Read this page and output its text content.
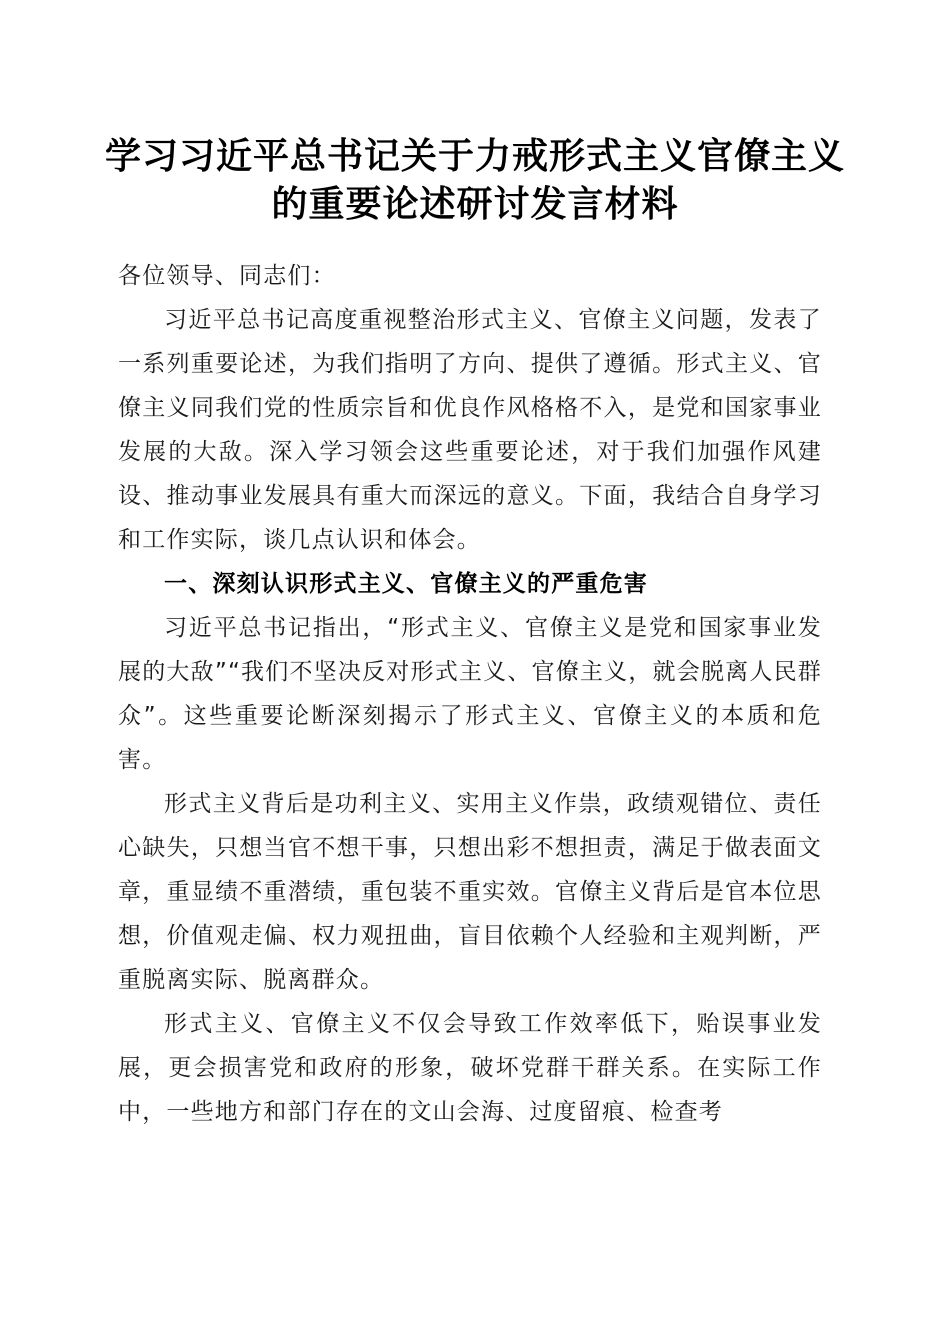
学习习近平总书记关于力戒形式主义官僚主义
的重要论述研讨发言材料

各位领导、同志们：

习近平总书记高度重视整治形式主义、官僚主义问题，发表了一系列重要论述，为我们指明了方向、提供了遵循。形式主义、官僚主义同我们党的性质宗旨和优良作风格格不入，是党和国家事业发展的大敌。深入学习领会这些重要论述，对于我们加强作风建设、推动事业发展具有重大而深远的意义。下面，我结合自身学习和工作实际，谈几点认识和体会。

一、深刻认识形式主义、官僚主义的严重危害

习近平总书记指出，“形式主义、官僚主义是党和国家事业发展的大敌”“我们不坚决反对形式主义、官僚主义，就会脱离人民群众”。这些重要论断深刻揭示了形式主义、官僚主义的本质和危害。

形式主义背后是功利主义、实用主义作祟，政绩观错位、责任心缺失，只想当官不想干事，只想出彩不想担责，满足于做表面文章，重显绩不重潜绩，重包装不重实效。官僚主义背后是官本位思想，价值观走偏、权力观扭曲，盲目依赖个人经验和主观判断，严重脱离实际、脱离群众。

形式主义、官僚主义不仅会导致工作效率低下，贻误事业发展，更会损害党和政府的形象，破坏党群干群关系。在实际工作中，一些地方和部门存在的文山会海、过度留痕、检查考
